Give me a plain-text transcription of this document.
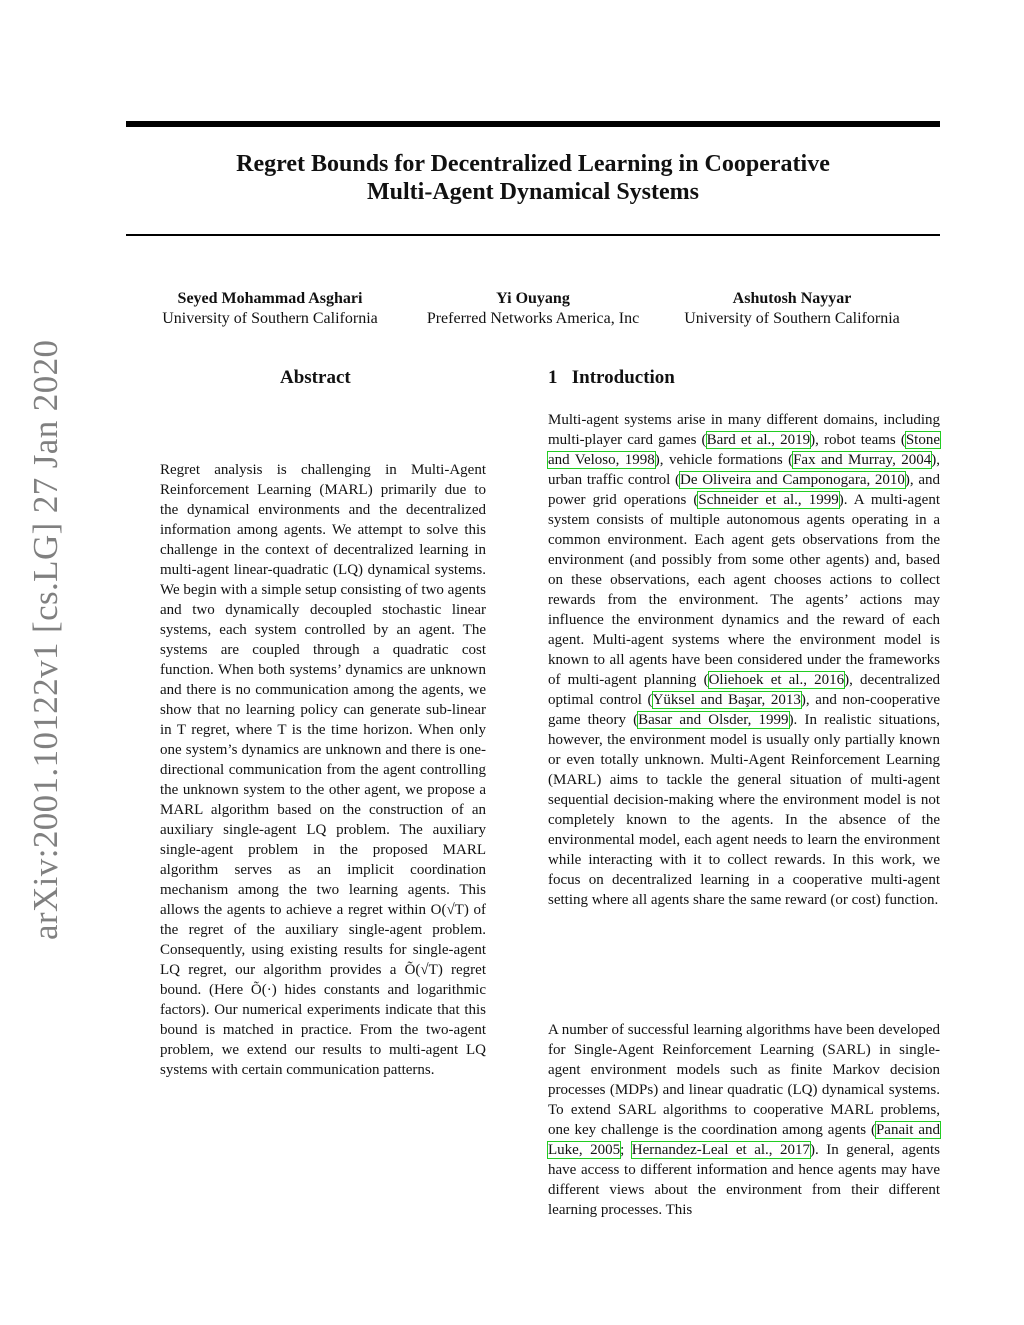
Regret Bounds for Decentralized Learning in Cooperative
Multi-Agent Dynamical Systems
Seyed Mohammad Asghari
University of Southern California
Yi Ouyang
Preferred Networks America, Inc
Ashutosh Nayyar
University of Southern California
arXiv:2001.10122v1 [cs.LG] 27 Jan 2020	Abstract
Regret analysis is challenging in Multi-Agent Reinforcement Learning (MARL) primarily due to the dynamical environments and the decentralized information among agents. We attempt to solve this challenge in the context of decentralized learning in multi-agent linear-quadratic (LQ) dynamical systems. We begin with a simple setup consisting of two agents and two dynamically decoupled stochastic linear systems, each system controlled by an agent. The systems are coupled through a quadratic cost function. When both systems’ dynamics are unknown and there is no communication among the agents, we show that no learning policy can generate sub-linear in T regret, where T is the time horizon. When only one system’s dynamics are unknown and there is one-directional communication from the agent controlling the unknown system to the other agent, we propose a MARL algorithm based on the construction of an auxiliary single-agent LQ problem. The auxiliary single-agent problem in the proposed MARL algorithm serves as an implicit coordination mechanism among the two learning agents. This allows the agents to achieve a regret within O(√T) of the regret of the auxiliary single-agent problem. Consequently, using existing results for single-agent LQ regret, our algorithm provides a Õ(√T) regret bound. (Here Õ(·) hides constants and logarithmic factors). Our numerical experiments indicate that this bound is matched in practice. From the two-agent problem, we extend our results to multi-agent LQ systems with certain communication patterns.
1 Introduction
Multi-agent systems arise in many different domains, including multi-player card games (Bard et al., 2019), robot teams (Stone and Veloso, 1998), vehicle formations (Fax and Murray, 2004), urban traffic control (De Oliveira and Camponogara, 2010), and power grid operations (Schneider et al., 1999). A multi-agent system consists of multiple autonomous agents operating in a common environment. Each agent gets observations from the environment (and possibly from some other agents) and, based on these observations, each agent chooses actions to collect rewards from the environment. The agents’ actions may influence the environment dynamics and the reward of each agent. Multi-agent systems where the environment model is known to all agents have been considered under the frameworks of multi-agent planning (Oliehoek et al., 2016), decentralized optimal control (Yüksel and Başar, 2013), and non-cooperative game theory (Basar and Olsder, 1999). In realistic situations, however, the environment model is usually only partially known or even totally unknown. Multi-Agent Reinforcement Learning (MARL) aims to tackle the general situation of multi-agent sequential decision-making where the environment model is not completely known to the agents. In the absence of the environmental model, each agent needs to learn the environment while interacting with it to collect rewards. In this work, we focus on decentralized learning in a cooperative multi-agent setting where all agents share the same reward (or cost) function.
A number of successful learning algorithms have been developed for Single-Agent Reinforcement Learning (SARL) in single-agent environment models such as finite Markov decision processes (MDPs) and linear quadratic (LQ) dynamical systems. To extend SARL algorithms to cooperative MARL problems, one key challenge is the coordination among agents (Panait and Luke, 2005; Hernandez-Leal et al., 2017). In general, agents have access to different information and hence agents may have different views about the environment from their different learning processes. This
